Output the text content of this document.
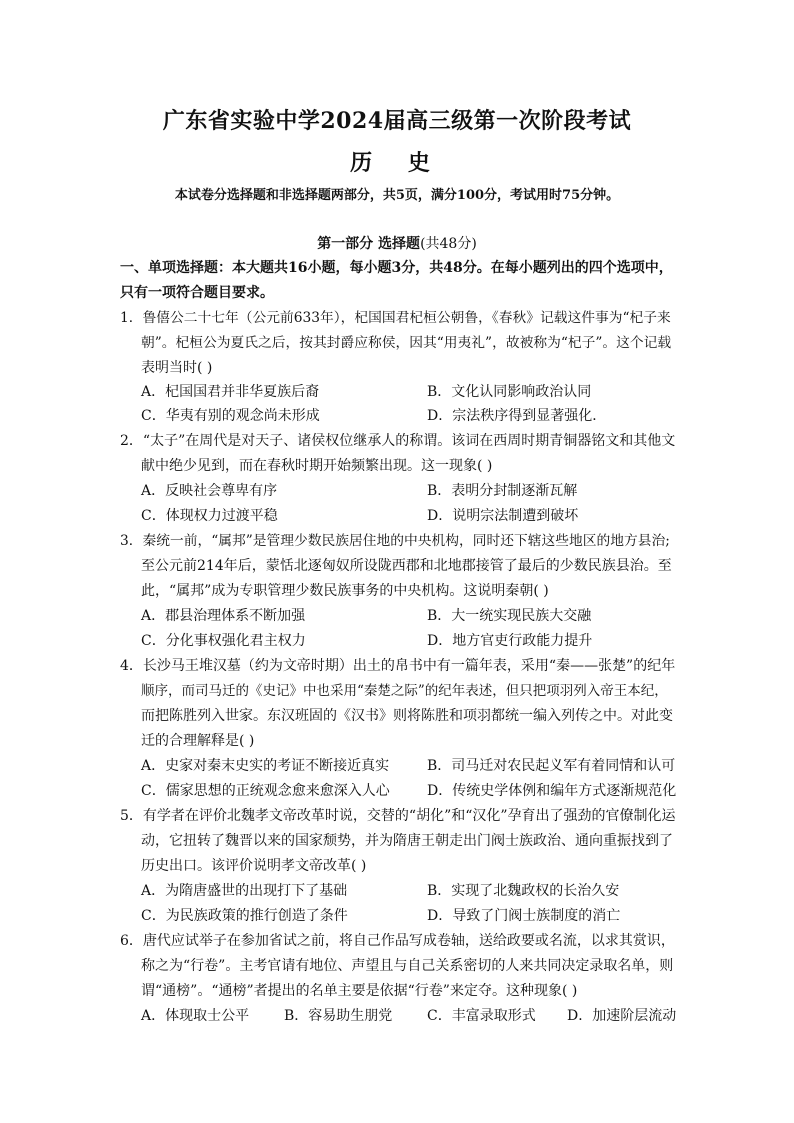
广东省实验中学2024届高三级第一次阶段考试
历 史
本试卷分选择题和非选择题两部分，共5页，满分100分，考试用时75分钟。
第一部分 选择题(共48分)
一、单项选择题：本大题共16小题，每小题3分，共48分。在每小题列出的四个选项中，
只有一项符合题目要求。
1．鲁僖公二十七年（公元前633年），杞国国君杞桓公朝鲁，《春秋》记载这件事为“杞子来
朝”。杞桓公为夏氏之后，按其封爵应称侯，因其“用夷礼”，故被称为“杞子”。这个记载
表明当时( )
A．杞国国君并非华夏族后裔	B．文化认同影响政治认同
C．华夷有别的观念尚未形成	D．宗法秩序得到显著强化．
2．“太子”在周代是对天子、诸侯权位继承人的称谓。该词在西周时期青铜器铭文和其他文
献中绝少见到，而在春秋时期开始频繁出现。这一现象( )
A．反映社会尊卑有序	B．表明分封制逐渐瓦解
C．体现权力过渡平稳	D．说明宗法制遭到破坏
3．秦统一前，“属邦”是管理少数民族居住地的中央机构，同时还下辖这些地区的地方县治;
至公元前214年后，蒙恬北逐匈奴所设陇西郡和北地郡接管了最后的少数民族县治。至
此，“属邦”成为专职管理少数民族事务的中央机构。这说明秦朝( )
A．郡县治理体系不断加强	B．大一统实现民族大交融
C．分化事权强化君主权力	D．地方官吏行政能力提升
4．长沙马王堆汉墓（约为文帝时期）出土的帛书中有一篇年表，采用“秦——张楚”的纪年
顺序，而司马迁的《史记》中也采用“秦楚之际”的纪年表述，但只把项羽列入帝王本纪，
而把陈胜列入世家。东汉班固的《汉书》则将陈胜和项羽都统一编入列传之中。对此变
迁的合理解释是( )
A．史家对秦末史实的考证不断接近真实	B．司马迁对农民起义军有着同情和认可
C．儒家思想的正统观念愈来愈深入人心	D．传统史学体例和编年方式逐渐规范化
5．有学者在评价北魏孝文帝改革时说，交替的“胡化”和“汉化”孕育出了强劲的官僚制化运
动，它扭转了魏晋以来的国家颓势，并为隋唐王朝走出门阀士族政治、通向重振找到了
历史出口。该评价说明孝文帝改革( )
A．为隋唐盛世的出现打下了基础	B．实现了北魏政权的长治久安
C．为民族政策的推行创造了条件	D．导致了门阀士族制度的消亡
6．唐代应试举子在参加省试之前，将自己作品写成卷轴，送给政要或名流，以求其赏识，
称之为“行卷”。主考官请有地位、声望且与自己关系密切的人来共同决定录取名单，则
谓“通榜”。“通榜”者提出的名单主要是依据“行卷”来定夺。这种现象( )
A．体现取士公平 B．容易助生朋党 C．丰富录取形式 D．加速阶层流动
